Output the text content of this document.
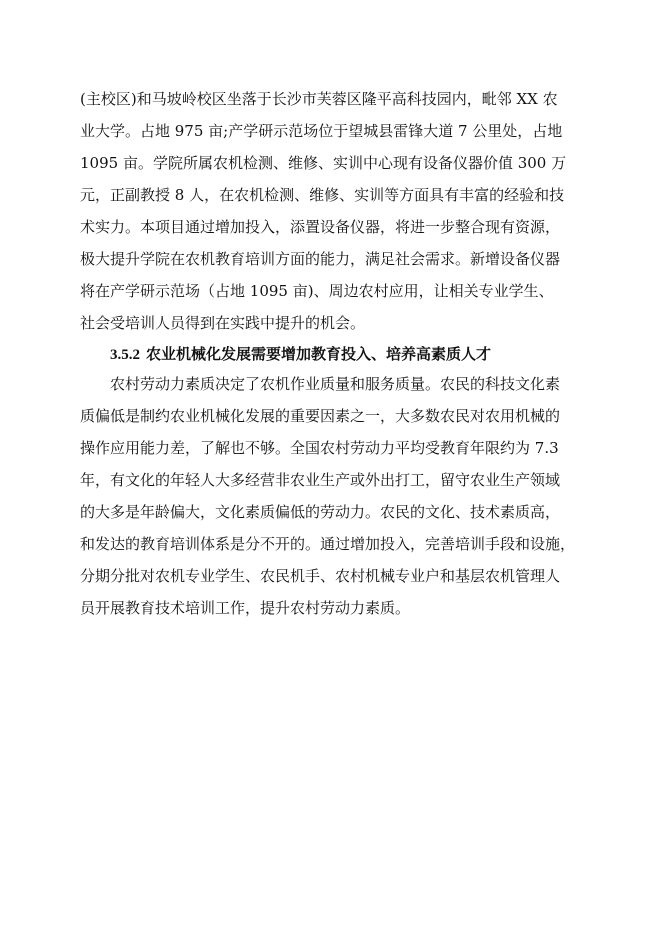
(主校区)和马坡岭校区坐落于长沙市芙蓉区隆平高科技园内，毗邻 XX 农
业大学。占地 975 亩;产学研示范场位于望城县雷锋大道 7 公里处，占地
1095 亩。学院所属农机检测、维修、实训中心现有设备仪器价值 300 万
元，正副教授 8 人，在农机检测、维修、实训等方面具有丰富的经验和技
术实力。本项目通过增加投入，添置设备仪器，将进一步整合现有资源，
极大提升学院在农机教育培训方面的能力，满足社会需求。新增设备仪器
将在产学研示范场（占地 1095 亩)、周边农村应用，让相关专业学生、
社会受培训人员得到在实践中提升的机会。
3.5.2 农业机械化发展需要增加教育投入、培养高素质人才
农村劳动力素质决定了农机作业质量和服务质量。农民的科技文化素
质偏低是制约农业机械化发展的重要因素之一，大多数农民对农用机械的
操作应用能力差，了解也不够。全国农村劳动力平均受教育年限约为 7.3
年，有文化的年轻人大多经营非农业生产或外出打工，留守农业生产领域
的大多是年龄偏大，文化素质偏低的劳动力。农民的文化、技术素质高，
和发达的教育培训体系是分不开的。通过增加投入，完善培训手段和设施，
分期分批对农机专业学生、农民机手、农村机械专业户和基层农机管理人
员开展教育技术培训工作，提升农村劳动力素质。
